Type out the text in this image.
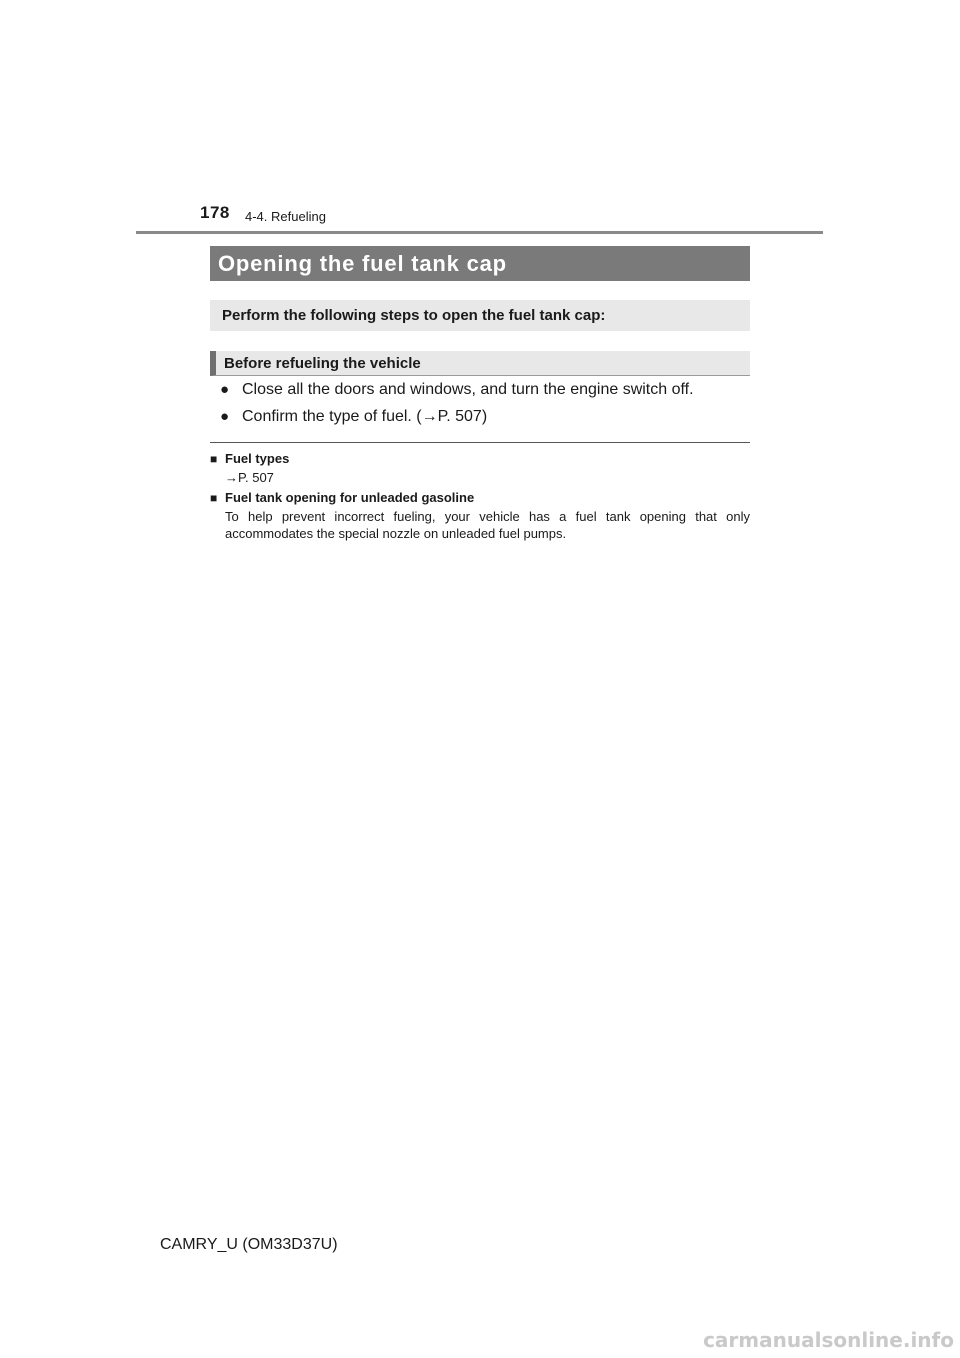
178 4-4. Refueling
Opening the fuel tank cap
Perform the following steps to open the fuel tank cap:
Before refueling the vehicle
● Close all the doors and windows, and turn the engine switch off.
● Confirm the type of fuel. (→P. 507)
■ Fuel types
→P. 507
■ Fuel tank opening for unleaded gasoline
To help prevent incorrect fueling, your vehicle has a fuel tank opening that only accommodates the special nozzle on unleaded fuel pumps.
CAMRY_U (OM33D37U)
carmanualsonline.info
